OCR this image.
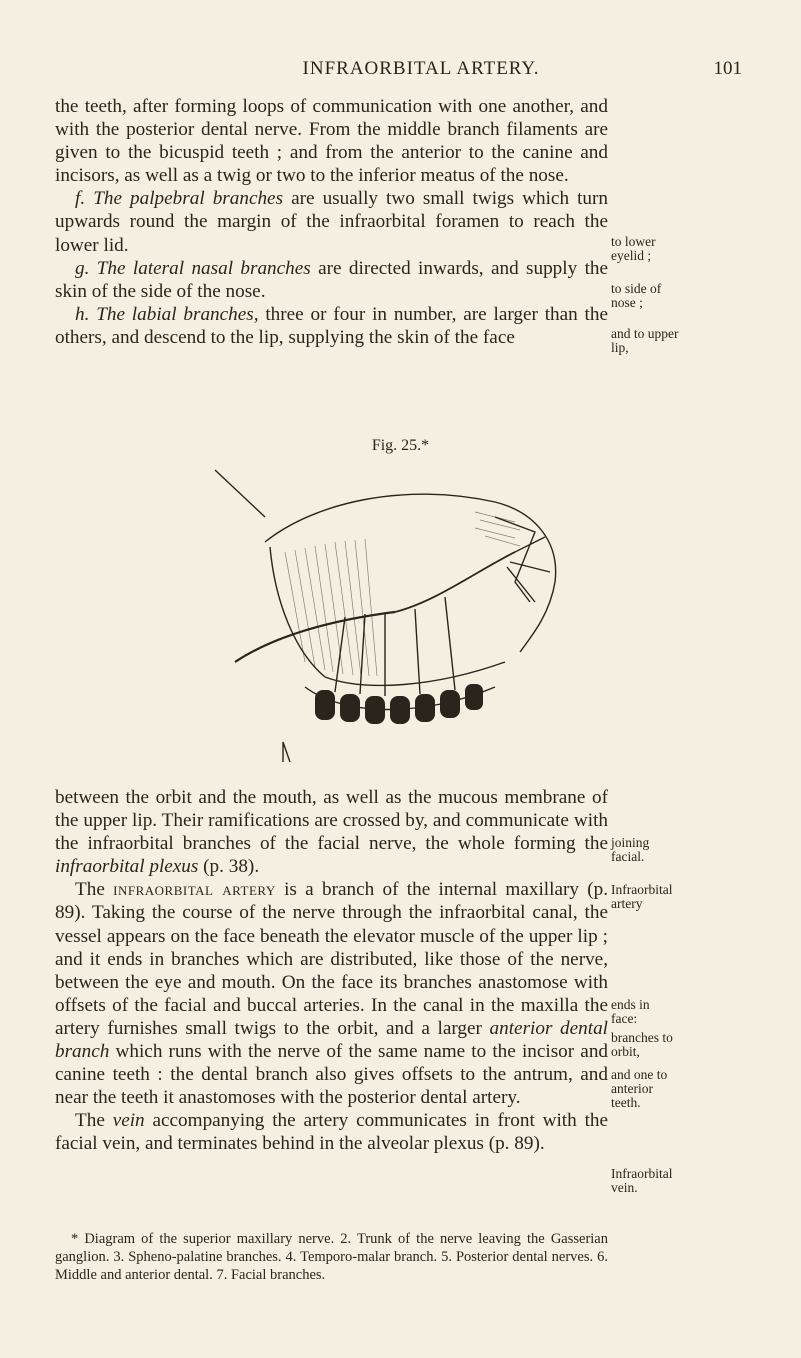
INFRAORBITAL ARTERY.	101

the teeth, after forming loops of communication with one another, and with the posterior dental nerve. From the middle branch filaments are given to the bicuspid teeth ; and from the anterior to the canine and incisors, as well as a twig or two to the inferior meatus of the nose.

f. The palpebral branches are usually two small twigs which turn upwards round the margin of the infraorbital foramen to reach the lower lid.

g. The lateral nasal branches are directed inwards, and supply the skin of the side of the nose.

h. The labial branches, three or four in number, are larger than the others, and descend to the lip, supplying the skin of the face

to lower
eyelid ;
to side of
nose ;
and to upper
lip,
Fig. 25.*

between the orbit and the mouth, as well as the mucous membrane of the upper lip. Their ramifications are crossed by, and communicate with the infraorbital branches of the facial nerve, the whole forming the infraorbital plexus (p. 38).

The infraorbital artery is a branch of the internal maxillary (p. 89). Taking the course of the nerve through the infraorbital canal, the vessel appears on the face beneath the elevator muscle of the upper lip ; and it ends in branches which are distributed, like those of the nerve, between the eye and mouth. On the face its branches anastomose with offsets of the facial and buccal arteries. In the canal in the maxilla the artery furnishes small twigs to the orbit, and a larger anterior dental branch which runs with the nerve of the same name to the incisor and canine teeth : the dental branch also gives offsets to the antrum, and near the teeth it anastomoses with the posterior dental artery.

The vein accompanying the artery communicates in front with the facial vein, and terminates behind in the alveolar plexus (p. 89).

joining
facial.
Infraorbital
artery
ends in
face:
branches to
orbit,
and one to
anterior
teeth.
Infraorbital
vein.

* Diagram of the superior maxillary nerve. 2. Trunk of the nerve leaving the Gasserian ganglion. 3. Spheno-palatine branches. 4. Temporo-malar branch. 5. Posterior dental nerves. 6. Middle and anterior dental. 7. Facial branches.
